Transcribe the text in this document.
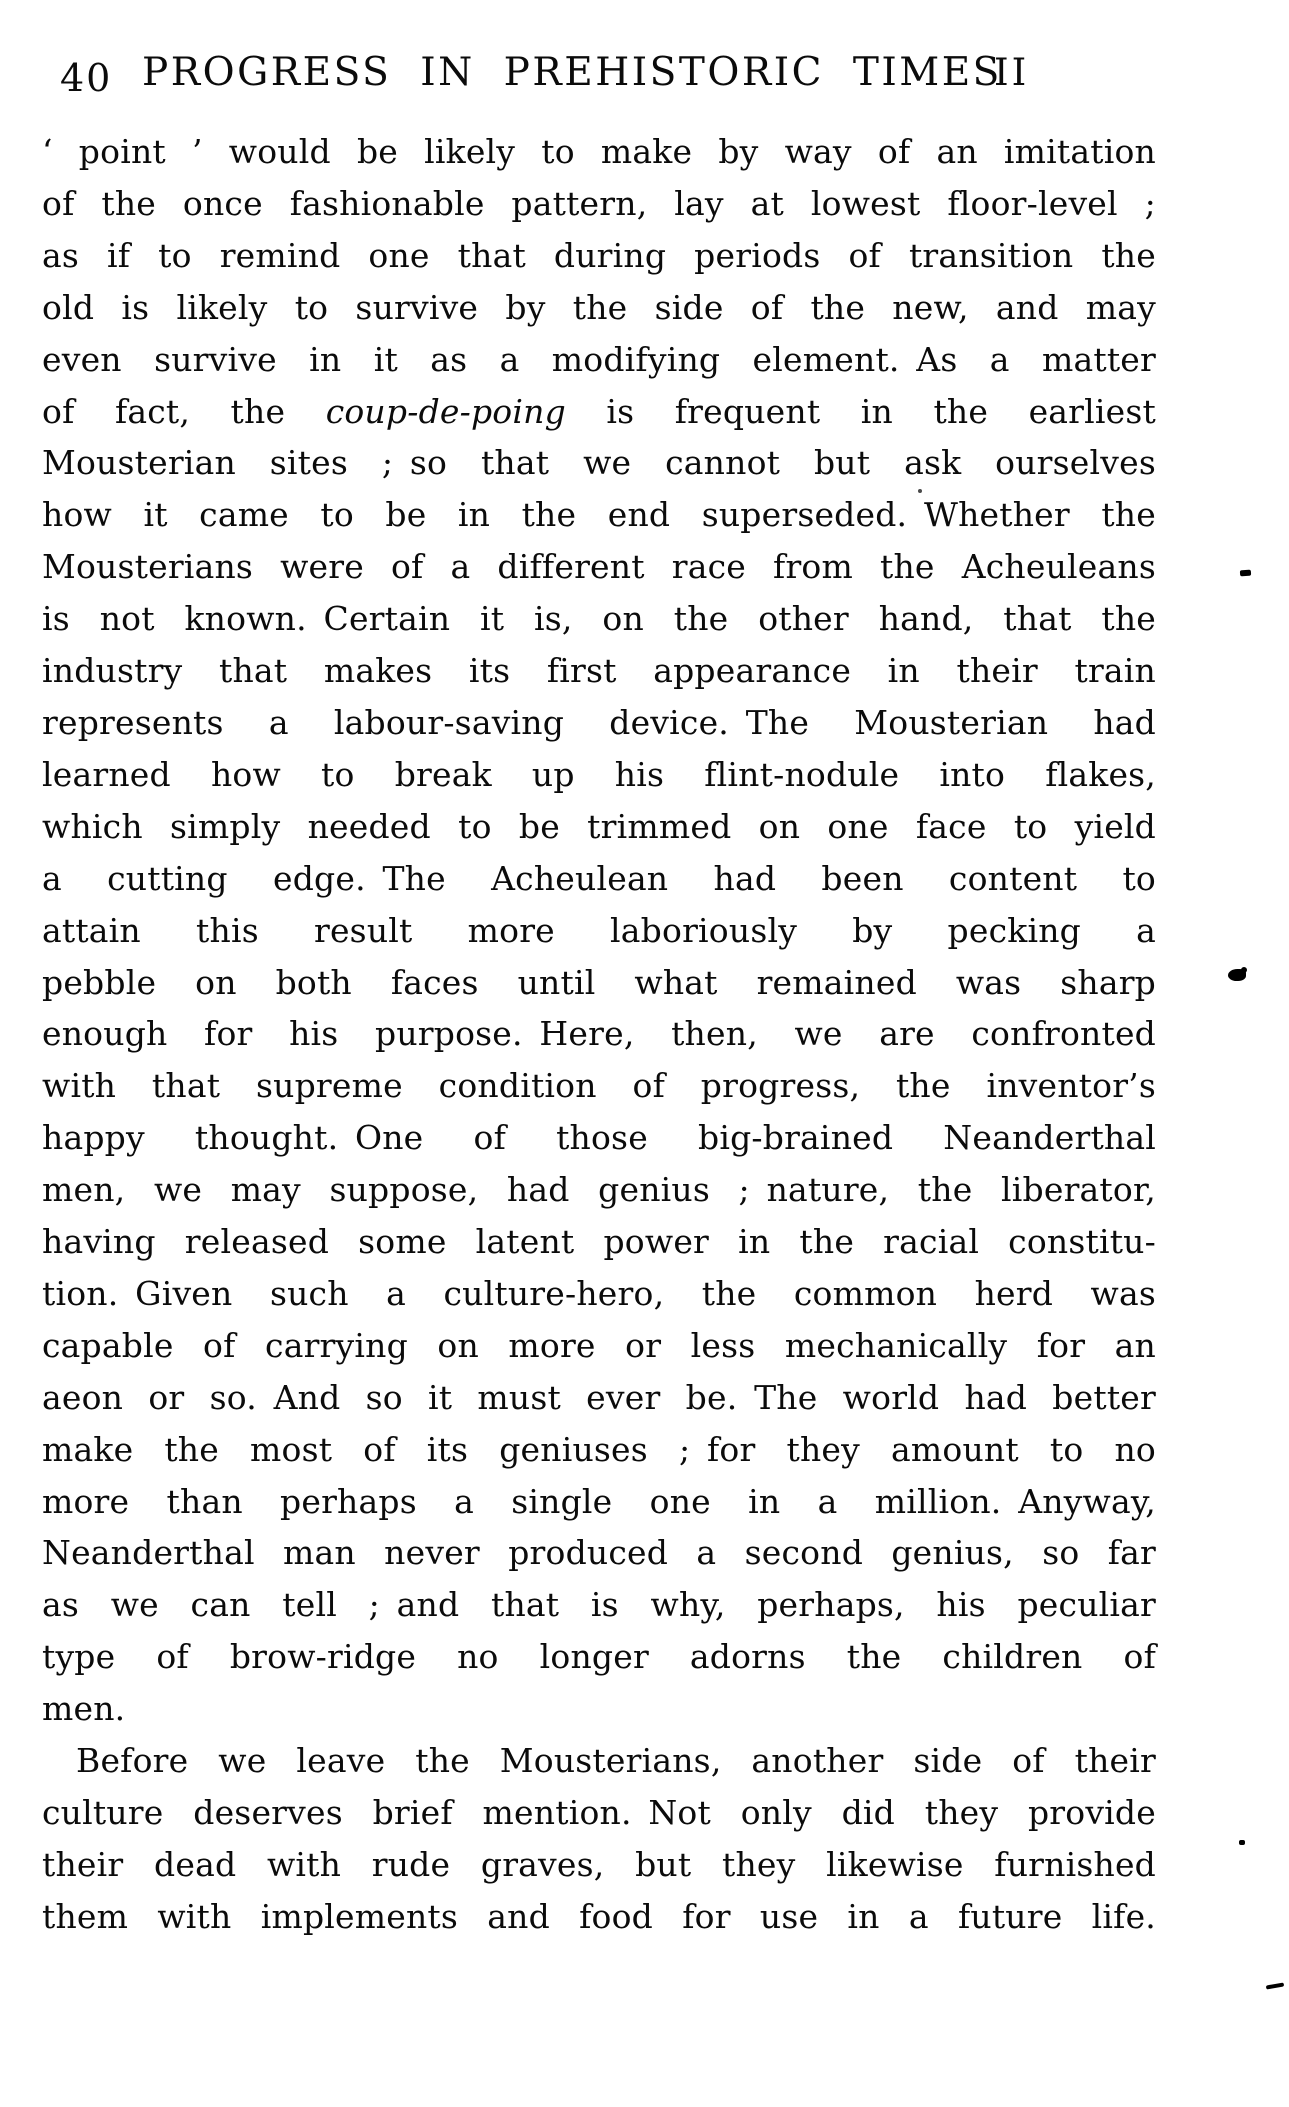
40 PROGRESS IN PREHISTORIC TIMES
II
‘ point ’ would be likely to make by way of an imitation
of the once fashionable pattern, lay at lowest floor-level ;
as if to remind one that during periods of transition the
old is likely to survive by the side of the new, and may
even survive in it as a modifying element. As a matter
of fact, the coup-de-poing is frequent in the earliest
Mousterian sites ; so that we cannot but ask ourselves
how it came to be in the end superseded. Whether the
Mousterians were of a different race from the Acheuleans
is not known. Certain it is, on the other hand, that the
industry that makes its first appearance in their train
represents a labour-saving device. The Mousterian had
learned how to break up his flint-nodule into flakes,
which simply needed to be trimmed on one face to yield
a cutting edge. The Acheulean had been content to
attain this result more laboriously by pecking a
pebble on both faces until what remained was sharp
enough for his purpose. Here, then, we are confronted
with that supreme condition of progress, the inventor’s
happy thought. One of those big-brained Neanderthal
men, we may suppose, had genius ; nature, the liberator,
having released some latent power in the racial constitu-
tion. Given such a culture-hero, the common herd was
capable of carrying on more or less mechanically for an
aeon or so. And so it must ever be. The world had better
make the most of its geniuses ; for they amount to no
more than perhaps a single one in a million. Anyway,
Neanderthal man never produced a second genius, so far
as we can tell ; and that is why, perhaps, his peculiar
type of brow-ridge no longer adorns the children of
men.
Before we leave the Mousterians, another side of their
culture deserves brief mention. Not only did they provide
their dead with rude graves, but they likewise furnished
them with implements and food for use in a future life.
